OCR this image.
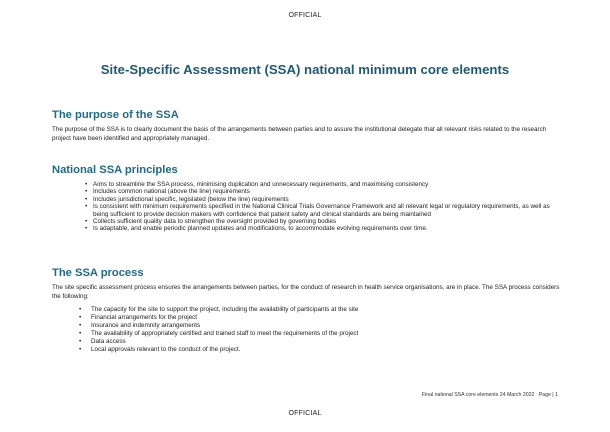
OFFICIAL
Site-Specific Assessment (SSA) national minimum core elements
The purpose of the SSA

The purpose of the SSA is to clearly document the basis of the arrangements between parties and to assure the institutional delegate that all relevant risks related to the research project have been identified and appropriately managed.

National SSA principles
• Aims to streamline the SSA process, minimising duplication and unnecessary requirements, and maximising consistency
• Includes common national (above the line) requirements
• Includes jurisdictional specific, legislated (below the line) requirements
• Is consistent with minimum requirements specified in the National Clinical Trials Governance Framework and all relevant legal or regulatory requirements, as well as being sufficient to provide decision makers with confidence that patient safety and clinical standards are being maintained
• Collects sufficient quality data to strengthen the oversight provided by governing bodies
• Is adaptable, and enable periodic planned updates and modifications, to accommodate evolving requirements over time.
The SSA process

The site specific assessment process ensures the arrangements between parties, for the conduct of research in health service organisations, are in place. The SSA process considers the following:

• The capacity for the site to support the project, including the availability of participants at the site
• Financial arrangements for the project
• Insurance and indemnity arrangements
• The availability of appropriately certified and trained staff to meet the requirements of the project
• Data access
• Local approvals relevant to the conduct of the project.
Final national SSA core elements 24 March 2022 Page | 1
OFFICIAL
